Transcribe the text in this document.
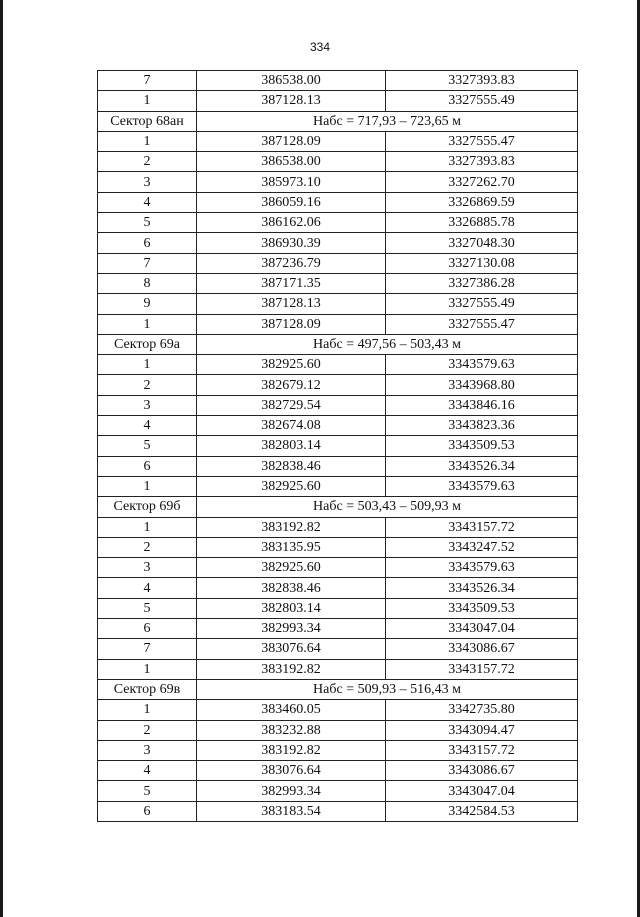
334
7	386538.00	3327393.83
1	387128.13	3327555.49
Сектор 68ан	Набс = 717,93 – 723,65 м	
1	387128.09	3327555.47
2	386538.00	3327393.83
3	385973.10	3327262.70
4	386059.16	3326869.59
5	386162.06	3326885.78
6	386930.39	3327048.30
7	387236.79	3327130.08
8	387171.35	3327386.28
9	387128.13	3327555.49
1	387128.09	3327555.47
Сектор 69а	Набс = 497,56 – 503,43 м	
1	382925.60	3343579.63
2	382679.12	3343968.80
3	382729.54	3343846.16
4	382674.08	3343823.36
5	382803.14	3343509.53
6	382838.46	3343526.34
1	382925.60	3343579.63
Сектор 69б	Набс = 503,43 – 509,93 м	
1	383192.82	3343157.72
2	383135.95	3343247.52
3	382925.60	3343579.63
4	382838.46	3343526.34
5	382803.14	3343509.53
6	382993.34	3343047.04
7	383076.64	3343086.67
1	383192.82	3343157.72
Сектор 69в	Набс = 509,93 – 516,43 м	
1	383460.05	3342735.80
2	383232.88	3343094.47
3	383192.82	3343157.72
4	383076.64	3343086.67
5	382993.34	3343047.04
6	383183.54	3342584.53
